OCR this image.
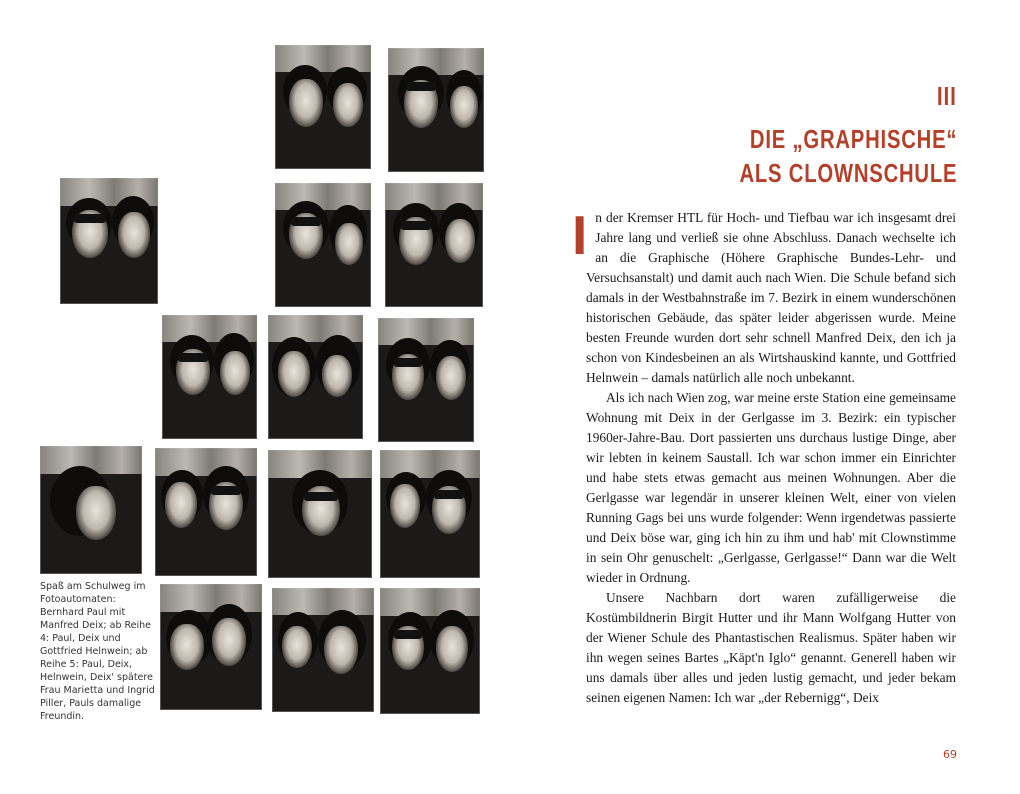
Spaß am Schulweg im Fotoautomaten: Bernhard Paul mit Manfred Deix; ab Reihe 4: Paul, Deix und Gottfried Helnwein; ab Reihe 5: Paul, Deix, Helnwein, Deix' spätere Frau Marietta und Ingrid Piller, Pauls damalige Freundin.
III
DIE „GRAPHISCHE“
ALS CLOWNSCHULE

In der Kremser HTL für Hoch- und Tiefbau war ich insgesamt drei Jahre lang und verließ sie ohne Abschluss. Danach wechselte ich an die Graphische (Höhere Graphische Bundes-Lehr- und Versuchsanstalt) und damit auch nach Wien. Die Schule befand sich damals in der Westbahnstraße im 7. Bezirk in einem wunderschönen historischen Gebäude, das später leider abgerissen wurde. Meine besten Freunde wurden dort sehr schnell Manfred Deix, den ich ja schon von Kindesbeinen an als Wirtshauskind kannte, und Gottfried Helnwein – damals natürlich alle noch unbekannt.

Als ich nach Wien zog, war meine erste Station eine gemeinsame Wohnung mit Deix in der Gerlgasse im 3. Bezirk: ein typischer 1960er-Jahre-Bau. Dort passierten uns durchaus lustige Dinge, aber wir lebten in keinem Saustall. Ich war schon immer ein Einrichter und habe stets etwas gemacht aus meinen Wohnungen. Aber die Gerlgasse war legendär in unserer kleinen Welt, einer von vielen Running Gags bei uns wurde folgender: Wenn irgendetwas passierte und Deix böse war, ging ich hin zu ihm und hab' mit Clownstimme in sein Ohr genuschelt: „Gerlgasse, Gerlgasse!“ Dann war die Welt wieder in Ordnung.

Unsere Nachbarn dort waren zufälligerweise die Kostümbildnerin Birgit Hutter und ihr Mann Wolfgang Hutter von der Wiener Schule des Phantastischen Realismus. Später haben wir ihn wegen seines Bartes „Käpt'n Iglo“ genannt. Generell haben wir uns damals über alles und jeden lustig gemacht, und jeder bekam seinen eigenen Namen: Ich war „der Rebernigg“, Deix

69
